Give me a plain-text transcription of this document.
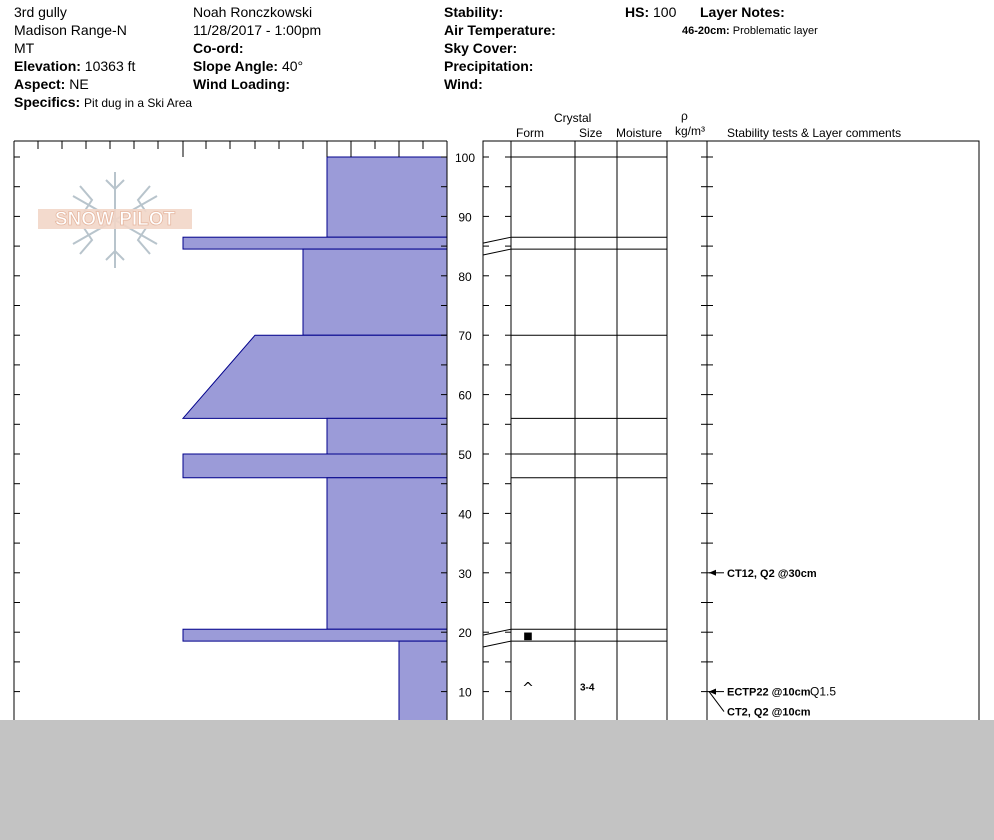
3rd gully
Madison Range-N
MT
Elevation: 10363 ft
Aspect: NE
Specifics: Pit dug in a Ski Area
Noah Ronczkowski
11/28/2017 - 1:00pm
Co-ord:
Slope Angle: 40°
Wind Loading:
Stability:
Air Temperature:
Sky Cover:
Precipitation:
Wind:
HS: 100 Layer Notes:
46-20cm: Problematic layer
Crystal
Form	Size Moisture
ρ
kg/m³ Stability tests & Layer comments
SNOW PILOT
10
20
30
40
50
60
70
80
90
100
■
^	3-4
CT12, Q2 @30cm
ECTP22 @10cm Q1.5
CT2, Q2 @10cm
